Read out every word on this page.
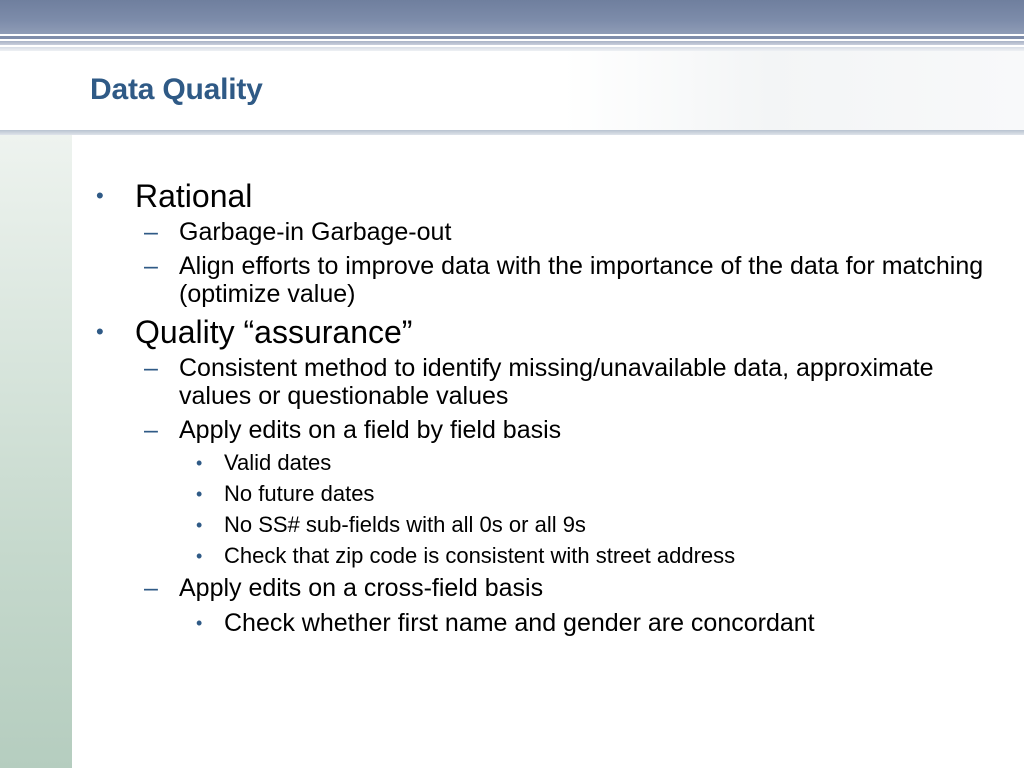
Data Quality
• Rational
– Garbage-in Garbage-out
– Align efforts to improve data with the importance of the data for matching (optimize value)
• Quality “assurance”
– Consistent method to identify missing/unavailable data, approximate values or questionable values
– Apply edits on a field by field basis
• Valid dates
• No future dates
• No SS# sub-fields with all 0s or all 9s
• Check that zip code is consistent with street address
– Apply edits on a cross-field basis
• Check whether first name and gender are concordant
